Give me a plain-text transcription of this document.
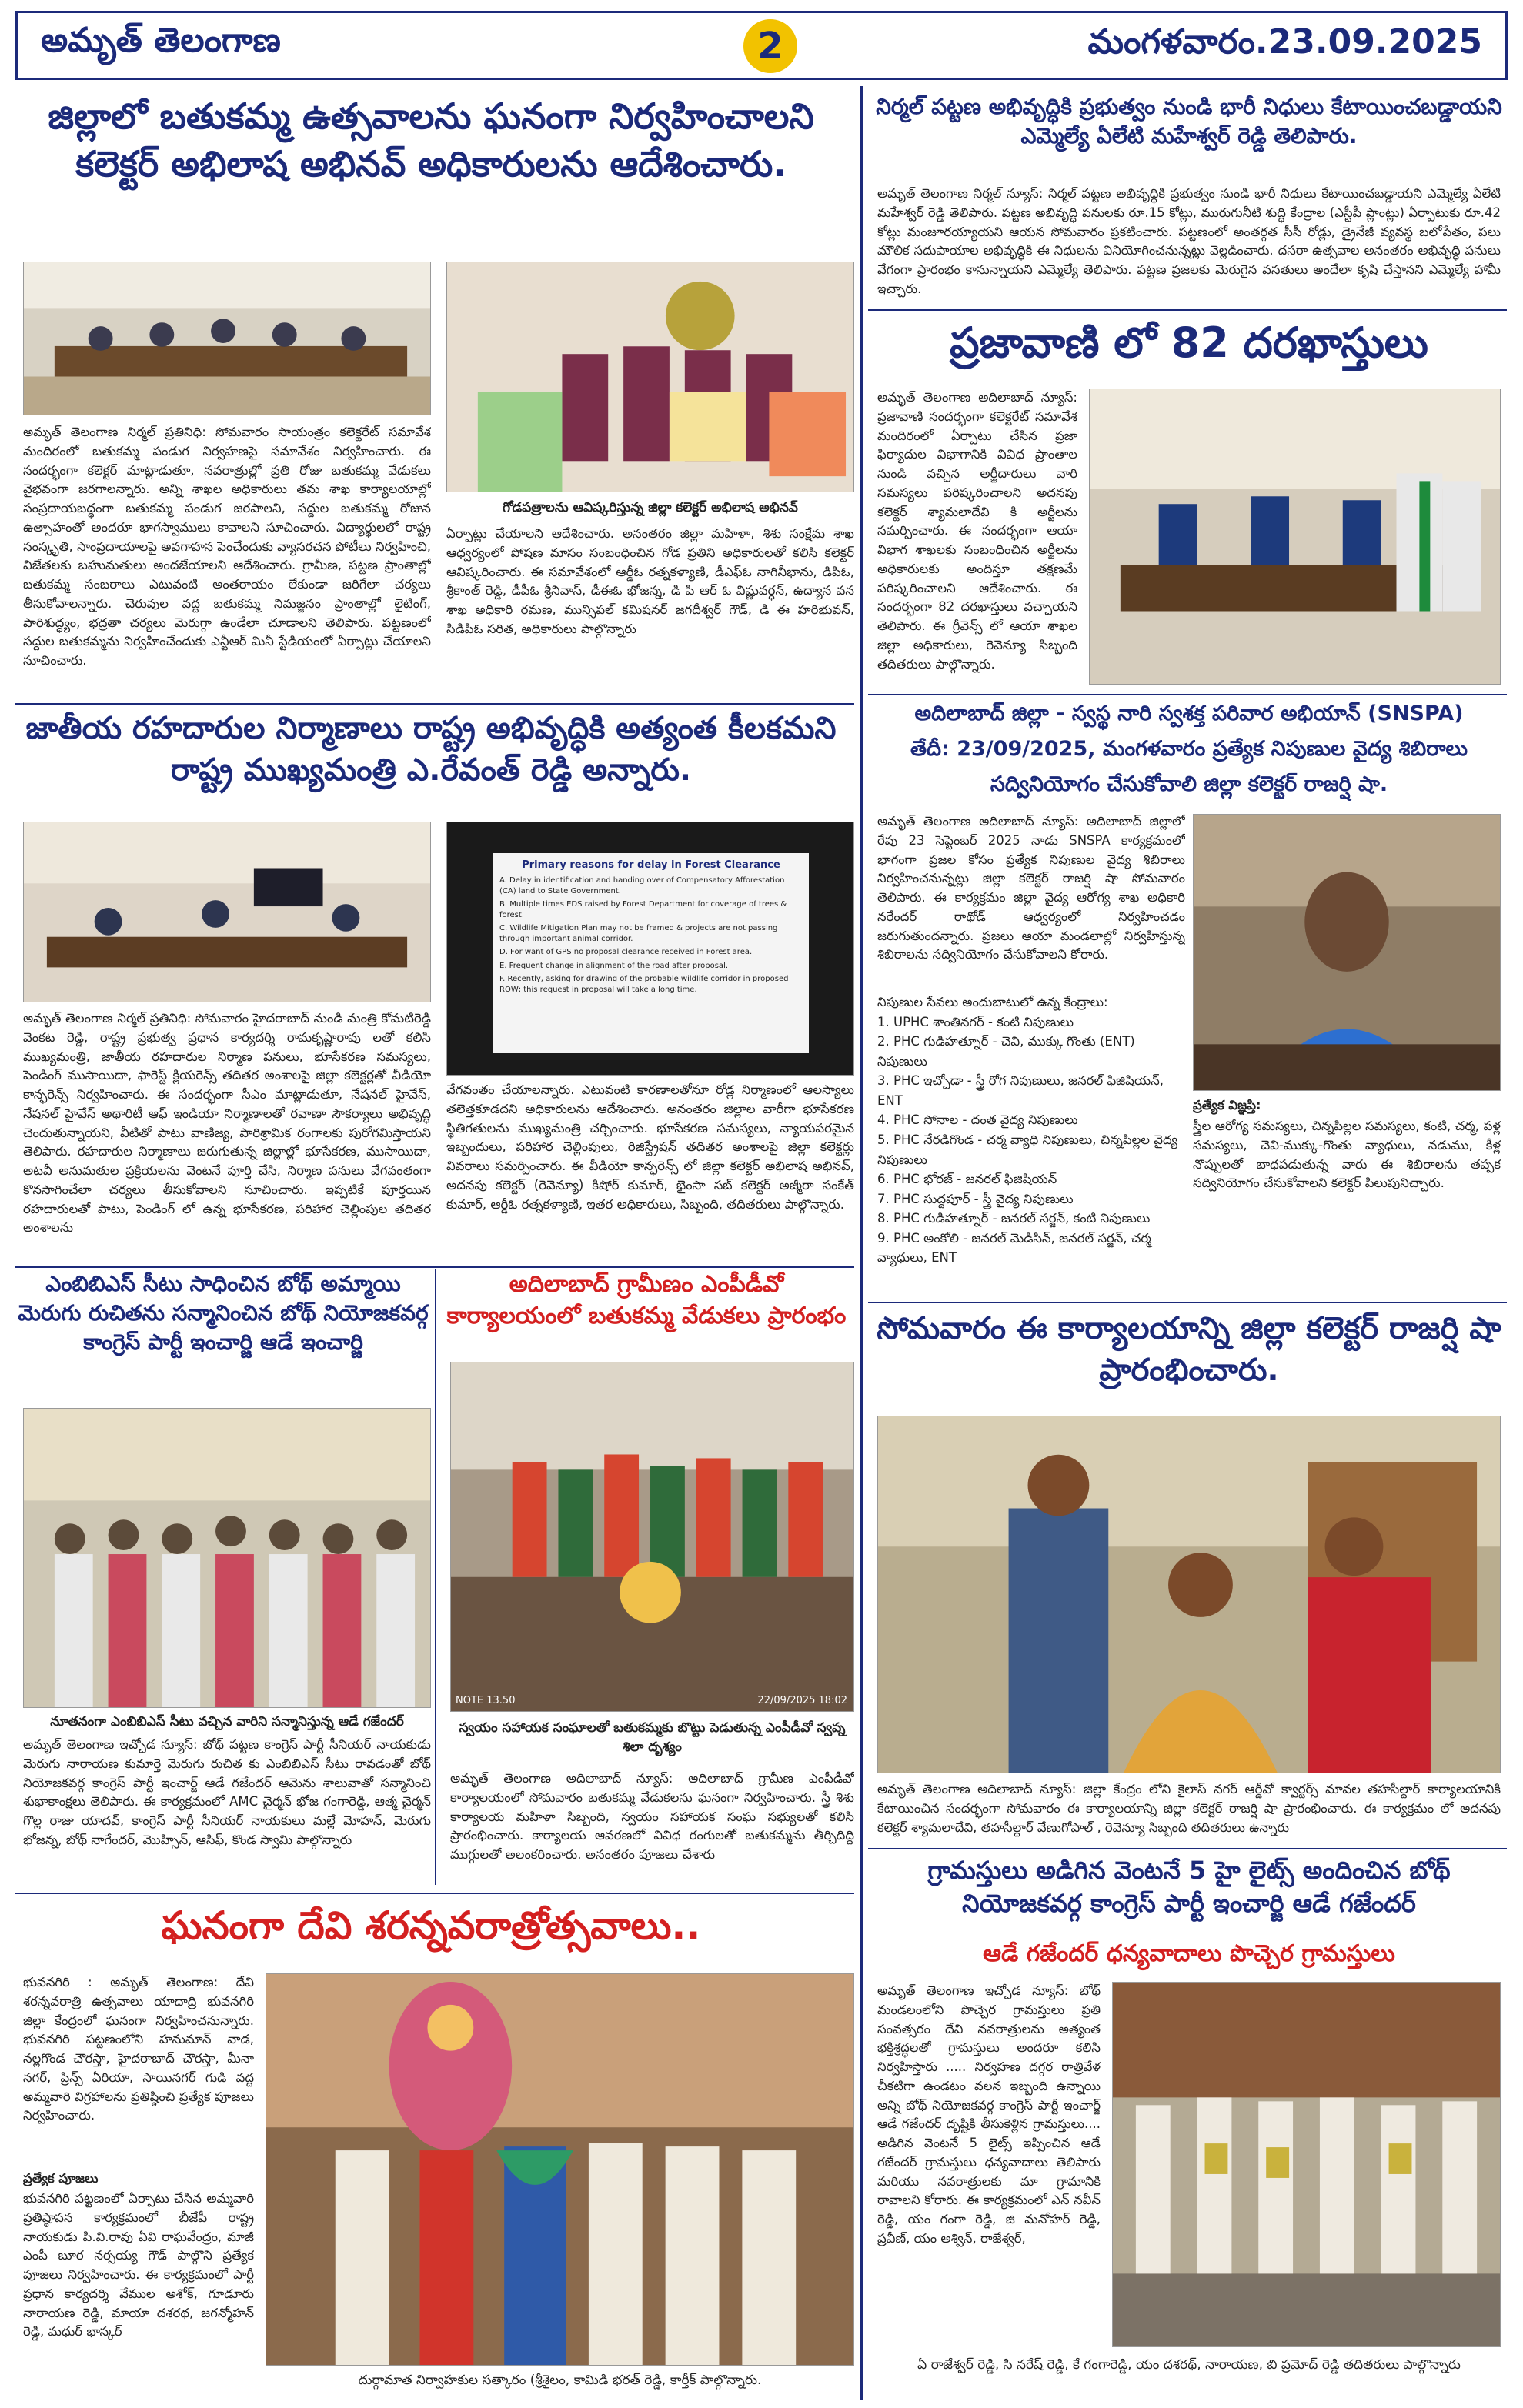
అమృత్ తెలంగాణ	2	మంగళవారం.23.09.2025
జిల్లాలో బతుకమ్మ ఉత్సవాలను ఘనంగా నిర్వహించాలని కలెక్టర్ అభిలాష అభినవ్ అధికారులను ఆదేశించారు.
అమృత్ తెలంగాణ నిర్మల్ ప్రతినిధి: సోమవారం సాయంత్రం కలెక్టరేట్ సమావేశ మందిరంలో బతుకమ్మ పండుగ నిర్వహణపై సమావేశం నిర్వహించారు. ఈ సందర్భంగా కలెక్టర్ మాట్లాడుతూ, నవరాత్రుల్లో ప్రతి రోజు బతుకమ్మ వేడుకలు వైభవంగా జరగాలన్నారు. అన్ని శాఖల అధికారులు తమ శాఖ కార్యాలయాల్లో సంప్రదాయబద్ధంగా బతుకమ్మ పండుగ జరపాలని, సద్దుల బతుకమ్మ రోజున ఉత్సాహంతో అందరూ భాగస్వాములు కావాలని సూచించారు. విద్యార్థులలో రాష్ట్ర సంస్కృతి, సాంప్రదాయాలపై అవగాహన పెంచేందుకు వ్యాసరచన పోటీలు నిర్వహించి, విజేతలకు బహుమతులు అందజేయాలని ఆదేశించారు. గ్రామీణ, పట్టణ ప్రాంతాల్లో బతుకమ్మ సంబరాలు ఎటువంటి అంతరాయం లేకుండా జరిగేలా చర్యలు తీసుకోవాలన్నారు. చెరువుల వద్ద బతుకమ్మ నిమజ్జనం ప్రాంతాల్లో లైటింగ్, పారిశుద్ధ్యం, భద్రతా చర్యలు మెరుగ్గా ఉండేలా చూడాలని తెలిపారు. పట్టణంలో సద్దుల బతుకమ్మను నిర్వహించేందుకు ఎన్టీఆర్ మినీ స్టేడియంలో ఏర్పాట్లు చేయాలని సూచించారు.
గోడపత్రాలను ఆవిష్కరిస్తున్న జిల్లా కలెక్టర్ అభిలాష అభినవ్
ఏర్పాట్లు చేయాలని ఆదేశించారు. అనంతరం జిల్లా మహిళా, శిశు సంక్షేమ శాఖ ఆధ్వర్యంలో పోషణ మాసం సంబంధించిన గోడ ప్రతిని అధికారులతో కలిసి కలెక్టర్ ఆవిష్కరించారు. ఈ సమావేశంలో ఆర్డీఓ రత్నకళ్యాణి, డీఎఫ్ఓ నాగినీభాను, డిపిఓ, శ్రీకాంత్ రెడ్డి, డీపీఓ శ్రీనివాస్, డీఈఓ భోజన్న, డి పి ఆర్ ఓ విష్ణువర్ధన్, ఉద్యాన వన శాఖ అధికారి రమణ, మున్సిపల్ కమిషనర్ జగదీశ్వర్ గౌడ్, డి ఈ హరిభువన్, సిడిపిఓ సరిత, అధికారులు పాల్గొన్నారు
జాతీయ రహదారుల నిర్మాణాలు రాష్ట్ర అభివృద్ధికి అత్యంత కీలకమని రాష్ట్ర ముఖ్యమంత్రి ఎ.రేవంత్ రెడ్డి అన్నారు.
Primary reasons for delay in Forest Clearance
A. Delay in identification and handing over of Compensatory Afforestation (CA) land to State Government.
B. Multiple times EDS raised by Forest Department for coverage of trees & forest.
C. Wildlife Mitigation Plan may not be framed & projects are not passing through important animal corridor.
D. For want of GPS no proposal clearance received in Forest area.
E. Frequent change in alignment of the road after proposal.
F. Recently, asking for drawing of the probable wildlife corridor in proposed ROW; this request in proposal will take a long time.
అమృత్ తెలంగాణ నిర్మల్ ప్రతినిధి: సోమవారం హైదరాబాద్ నుండి మంత్రి కోమటిరెడ్డి వెంకట రెడ్డి, రాష్ట్ర ప్రభుత్వ ప్రధాన కార్యదర్శి రామకృష్ణారావు లతో కలిసి ముఖ్యమంత్రి, జాతీయ రహదారుల నిర్మాణ పనులు, భూసేకరణ సమస్యలు, పెండింగ్ ముసాయిదా, ఫారెస్ట్ క్లియరెన్స్ తదితర అంశాలపై జిల్లా కలెక్టర్లతో వీడియో కాన్ఫరెన్స్ నిర్వహించారు. ఈ సందర్భంగా సీఎం మాట్లాడుతూ, నేషనల్ హైవేస్, నేషనల్ హైవేస్ అథారిటీ ఆఫ్ ఇండియా నిర్మాణాలతో రవాణా సౌకర్యాలు అభివృద్ధి చెందుతున్నాయని, వీటితో పాటు వాణిజ్య, పారిశ్రామిక రంగాలకు పురోగమిస్తాయని తెలిపారు. రహదారుల నిర్మాణాలు జరుగుతున్న జిల్లాల్లో భూసేకరణ, ముసాయిదా, అటవీ అనుమతుల ప్రక్రియలను వెంటనే పూర్తి చేసి, నిర్మాణ పనులు వేగవంతంగా కొనసాగించేలా చర్యలు తీసుకోవాలని సూచించారు. ఇప్పటికే పూర్తయిన రహదారులతో పాటు, పెండింగ్ లో ఉన్న భూసేకరణ, పరిహార చెల్లింపుల తదితర అంశాలను
వేగవంతం చేయాలన్నారు. ఎటువంటి కారణాలతోనూ రోడ్ల నిర్మాణంలో ఆలస్యాలు తలెత్తకూడదని అధికారులను ఆదేశించారు. అనంతరం జిల్లాల వారీగా భూసేకరణ స్థితిగతులను ముఖ్యమంత్రి చర్చించారు. భూసేకరణ సమస్యలు, న్యాయపరమైన ఇబ్బందులు, పరిహార చెల్లింపులు, రిజిస్ట్రేషన్ తదితర అంశాలపై జిల్లా కలెక్టర్లు వివరాలు సమర్పించారు. ఈ వీడియో కాన్ఫరెన్స్ లో జిల్లా కలెక్టర్ అభిలాష అభినవ్, అదనపు కలెక్టర్ (రెవెన్యూ) కిషోర్ కుమార్, భైంసా సబ్ కలెక్టర్ అజ్మీరా సంకేత్ కుమార్, ఆర్డీఓ రత్నకళ్యాణి, ఇతర అధికారులు, సిబ్బంది, తదితరులు పాల్గొన్నారు.
నిర్మల్ పట్టణ అభివృద్ధికి ప్రభుత్వం నుండి భారీ నిధులు కేటాయించబడ్డాయని ఎమ్మెల్యే ఏలేటి మహేశ్వర్ రెడ్డి తెలిపారు.
అమృత్ తెలంగాణ నిర్మల్ న్యూస్: నిర్మల్ పట్టణ అభివృద్ధికి ప్రభుత్వం నుండి భారీ నిధులు కేటాయించబడ్డాయని ఎమ్మెల్యే ఏలేటి మహేశ్వర్ రెడ్డి తెలిపారు. పట్టణ అభివృద్ధి పనులకు రూ.15 కోట్లు, మురుగునీటి శుద్ధి కేంద్రాల (ఎస్టీపీ ప్లాంట్లు) ఏర్పాటుకు రూ.42 కోట్లు మంజూరయ్యాయని ఆయన సోమవారం ప్రకటించారు. పట్టణంలో అంతర్గత సీసీ రోడ్లు, డ్రైనేజీ వ్యవస్థ బలోపేతం, పలు మౌలిక సదుపాయాల అభివృద్ధికి ఈ నిధులను వినియోగించనున్నట్లు వెల్లడించారు. దసరా ఉత్సవాల అనంతరం అభివృద్ధి పనులు వేగంగా ప్రారంభం కానున్నాయని ఎమ్మెల్యే తెలిపారు. పట్టణ ప్రజలకు మెరుగైన వసతులు అందేలా కృషి చేస్తానని ఎమ్మెల్యే హామీ ఇచ్చారు.
ప్రజావాణి లో 82 దరఖాస్తులు
అమృత్ తెలంగాణ అదిలాబాద్ న్యూస్: ప్రజావాణి సందర్భంగా కలెక్టరేట్ సమావేశ మందిరంలో ఏర్పాటు చేసిన ప్రజా ఫిర్యాదుల విభాగానికి వివిధ ప్రాంతాల నుండి వచ్చిన అర్జీదారులు వారి సమస్యలు పరిష్కరించాలని అదనపు కలెక్టర్ శ్యామలాదేవి కి అర్జీలను సమర్పించారు. ఈ సందర్భంగా ఆయా విభాగ శాఖలకు సంబంధించిన అర్జీలను అధికారులకు అందిస్తూ తక్షణమే పరిష్కరించాలని ఆదేశించారు. ఈ సందర్భంగా 82 దరఖాస్తులు వచ్చాయని తెలిపారు. ఈ గ్రీవెన్స్ లో ఆయా శాఖల జిల్లా అధికారులు, రెవెన్యూ సిబ్బంది తదితరులు పాల్గొన్నారు.
అదిలాబాద్ జిల్లా - స్వస్థ నారి స్వశక్త పరివార అభియాన్ (SNSPA)
తేదీ: 23/09/2025, మంగళవారం ప్రత్యేక నిపుణుల వైద్య శిబిరాలు
సద్వినియోగం చేసుకోవాలి జిల్లా కలెక్టర్ రాజర్షి షా.
అమృత్ తెలంగాణ అదిలాబాద్ న్యూస్: అదిలాబాద్ జిల్లాలో రేపు 23 సెప్టెంబర్ 2025 నాడు SNSPA కార్యక్రమంలో భాగంగా ప్రజల కోసం ప్రత్యేక నిపుణుల వైద్య శిబిరాలు నిర్వహించనున్నట్లు జిల్లా కలెక్టర్ రాజర్షి షా సోమవారం తెలిపారు. ఈ కార్యక్రమం జిల్లా వైద్య ఆరోగ్య శాఖ అధికారి నరేందర్ రాథోడ్ ఆధ్వర్యంలో నిర్వహించడం జరుగుతుందన్నారు. ప్రజలు ఆయా మండలాల్లో నిర్వహిస్తున్న శిబిరాలను సద్వినియోగం చేసుకోవాలని కోరారు.
నిపుణుల సేవలు అందుబాటులో ఉన్న కేంద్రాలు:
1. UPHC శాంతినగర్ - కంటి నిపుణులు
2. PHC గుడిహత్నూర్ - చెవి, ముక్కు గొంతు (ENT) నిపుణులు
3. PHC ఇచ్చోడా - స్త్రీ రోగ నిపుణులు, జనరల్ ఫిజిషియన్, ENT
4. PHC సోనాల - దంత వైద్య నిపుణులు
5. PHC నేరడిగొండ - చర్మ వ్యాధి నిపుణులు, చిన్నపిల్లల వైద్య నిపుణులు
6. PHC భోరజ్ - జనరల్ ఫిజిషియన్
7. PHC సుద్దపూర్ - స్త్రీ వైద్య నిపుణులు
8. PHC గుడిహత్నూర్ - జనరల్ సర్జన్, కంటి నిపుణులు
9. PHC అంకోలి - జనరల్ మెడిసిన్, జనరల్ సర్జన్, చర్మ వ్యాధులు, ENT
ప్రత్యేక విజ్ఞప్తి:
స్త్రీల ఆరోగ్య సమస్యలు, చిన్నపిల్లల సమస్యలు, కంటి, చర్మ, పళ్ల సమస్యలు, చెవి-ముక్కు-గొంతు వ్యాధులు, నడుము, కీళ్ల నొప్పులతో బాధపడుతున్న వారు ఈ శిబిరాలను తప్పక సద్వినియోగం చేసుకోవాలని కలెక్టర్ పిలుపునిచ్చారు.
ఎంబిబిఎస్ సీటు సాధించిన బోథ్ అమ్మాయి మెరుగు రుచితను సన్మానించిన బోథ్ నియోజకవర్గ కాంగ్రెస్ పార్టీ ఇంచార్జి ఆడే ఇంచార్జి
నూతనంగా ఎంబిబిఎస్ సీటు వచ్చిన వారిని సన్మానిస్తున్న ఆడే గజేందర్
అమృత్ తెలంగాణ ఇచ్చోడ న్యూస్: బోథ్ పట్టణ కాంగ్రెస్ పార్టీ సీనియర్ నాయకుడు మెరుగు నారాయణ కుమార్తె మెరుగు రుచిత కు ఎంబిబిఎస్ సీటు రావడంతో బోథ్ నియోజకవర్గ కాంగ్రెస్ పార్టీ ఇంచార్జ్ ఆడే గజేందర్ ఆమెను శాలువాతో సన్మానించి శుభాకాంక్షలు తెలిపారు. ఈ కార్యక్రమంలో AMC చైర్మన్ భోజ గంగారెడ్డి, ఆత్మ చైర్మన్ గొల్ల రాజు యాదవ్, కాంగ్రెస్ పార్టీ సీనియర్ నాయకులు మల్లే మోహన్, మెరుగు భోజన్న, బోథ్ నాగేందర్, మొహ్సిన్, ఆసిఫ్, కొండ స్వామి పాల్గొన్నారు
అదిలాబాద్ గ్రామీణం ఎంపీడీవో కార్యాలయంలో బతుకమ్మ వేడుకలు ప్రారంభం
NOTE 13.50	22/09/2025 18:02
స్వయం సహాయక సంఘాలతో బతుకమ్మకు బొట్టు పెడుతున్న ఎంపీడీవో స్వప్న శిలా దృశ్యం
అమృత్ తెలంగాణ అదిలాబాద్ న్యూస్: అదిలాబాద్ గ్రామీణ ఎంపీడీవో కార్యాలయంలో సోమవారం బతుకమ్మ వేడుకలను ఘనంగా నిర్వహించారు. స్త్రీ శిశు కార్యాలయ మహిళా సిబ్బంది, స్వయం సహాయక సంఘ సభ్యులతో కలిసి ప్రారంభించారు. కార్యాలయ ఆవరణలో వివిధ రంగులతో బతుకమ్మను తీర్చిదిద్ది ముగ్గులతో అలంకరించారు. అనంతరం పూజలు చేశారు
సోమవారం ఈ కార్యాలయాన్ని జిల్లా కలెక్టర్ రాజర్షి షా ప్రారంభించారు.
అమృత్ తెలంగాణ అదిలాబాద్ న్యూస్: జిల్లా కేంద్రం లోని కైలాస్ నగర్ ఆర్డీవో క్వార్టర్స్ మావల తహసీల్దార్ కార్యాలయానికి కేటాయించిన సందర్భంగా సోమవారం ఈ కార్యాలయాన్ని జిల్లా కలెక్టర్ రాజర్షి షా ప్రారంభించారు. ఈ కార్యక్రమం లో అదనపు కలెక్టర్ శ్యామలాదేవి, తహసీల్దార్ వేణుగోపాల్ , రెవెన్యూ సిబ్బంది తదితరులు ఉన్నారు
ఘనంగా దేవి శరన్నవరాత్రోత్సవాలు..
భువనగిరి : అమృత్ తెలంగాణ: దేవి శరన్నవరాత్రి ఉత్సవాలు యాదాద్రి భువనగిరి జిల్లా కేంద్రంలో ఘనంగా నిర్వహించనున్నారు. భువనగిరి పట్టణంలోని హనుమాన్ వాడ, నల్లగొండ చౌరస్తా, హైదరాబాద్ చౌరస్తా, మీనా నగర్, ప్రిన్స్ ఏరియా, సాయినగర్ గుడి వద్ద అమ్మవారి విగ్రహాలను ప్రతిష్ఠించి ప్రత్యేక పూజలు నిర్వహించారు.
ప్రత్యేక పూజలు
భువనగిరి పట్టణంలో ఏర్పాటు చేసిన అమ్మవారి ప్రతిష్ఠాపన కార్యక్రమంలో బీజేపీ రాష్ట్ర నాయకుడు పి.వి.రావు ఏవి రాఘవేంద్రం, మాజీ ఎంపీ బూర నర్సయ్య గౌడ్ పాల్గొని ప్రత్యేక పూజలు నిర్వహించారు. ఈ కార్యక్రమంలో పార్టీ ప్రధాన కార్యదర్శి వేముల అశోక్, గూడూరు నారాయణ రెడ్డి, మాయా దశరథ, జగన్మోహన్ రెడ్డి, మధుర్ భాస్కర్
దుర్గామాత నిర్వాహకుల సత్కారం (శ్రీశైలం, కామిడి భరత్ రెడ్డి, కార్తీక్ పాల్గొన్నారు.
గ్రామస్తులు అడిగిన వెంటనే 5 హై లైట్స్ అందించిన బోథ్ నియోజకవర్గ కాంగ్రెస్ పార్టీ ఇంచార్జి ఆడే గజేందర్
ఆడే గజేందర్ ధన్యవాదాలు పొచ్చెర గ్రామస్తులు
అమృత్ తెలంగాణ ఇచ్చోడ న్యూస్: బోథ్ మండలంలోని పొచ్చెర గ్రామస్తులు ప్రతి సంవత్సరం దేవి నవరాత్రులను అత్యంత భక్తిశ్రద్ధలతో గ్రామస్తులు అందరూ కలిసి నిర్వహిస్తారు ..... నిర్వహణ దగ్గర రాత్రివేళ చీకటిగా ఉండటం వలన ఇబ్బంది ఉన్నాయి అన్ని బోథ్ నియోజకవర్గ కాంగ్రెస్ పార్టీ ఇంచార్జ్ ఆడే గజేందర్ దృష్టికి తీసుకెళ్లిన గ్రామస్తులు.... అడిగిన వెంటనే 5 లైట్స్ ఇప్పించిన ఆడే గజేందర్ గ్రామస్తులు ధన్యవాదాలు తెలిపారు మరియు నవరాత్రులకు మా గ్రామానికి రావాలని కోరారు. ఈ కార్యక్రమంలో ఎన్ నవీన్ రెడ్డి, యం గంగా రెడ్డి, జి మనోహర్ రెడ్డి, ప్రవీణ్, యం అశ్విన్, రాజేశ్వర్,
ఏ రాజేశ్వర్ రెడ్డి, సి నరేష్ రెడ్డి, కే గంగారెడ్డి, యం దశరథ్, నారాయణ, బి ప్రమోద్ రెడ్డి తదితరులు పాల్గొన్నారు
